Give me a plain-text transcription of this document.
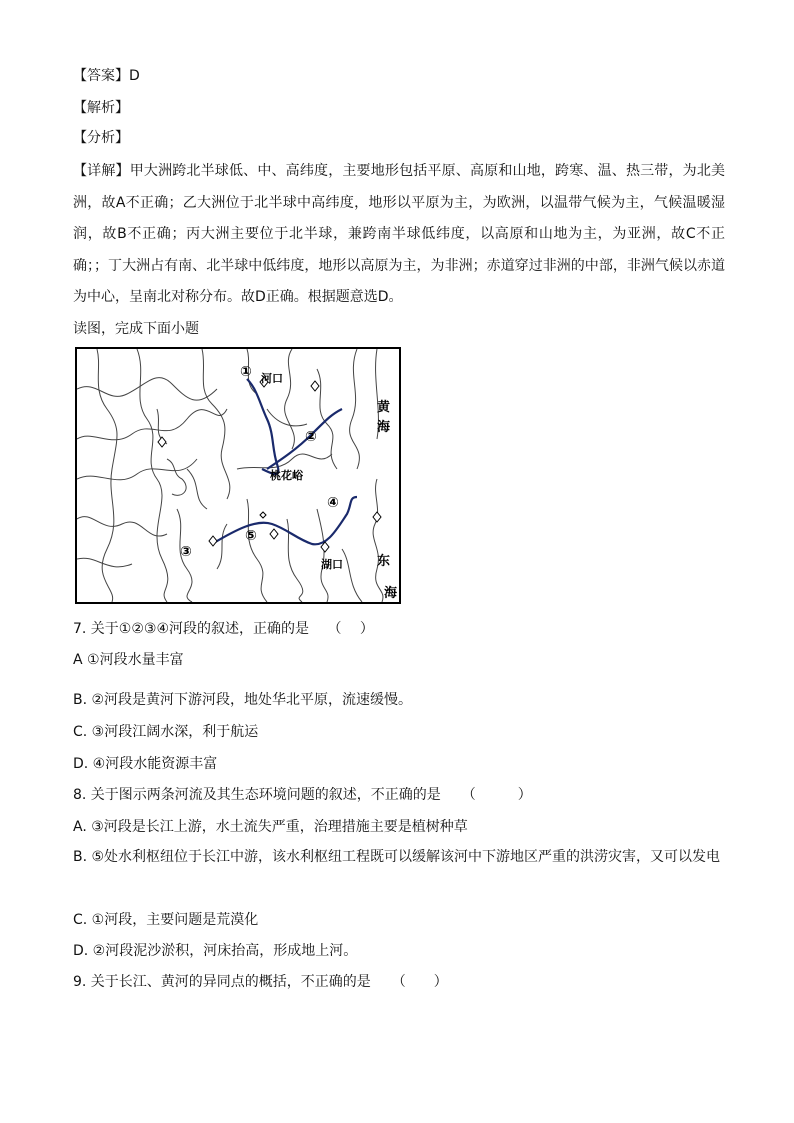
【答案】D
【解析】
【分析】
【详解】甲大洲跨北半球低、中、高纬度，主要地形包括平原、高原和山地，跨寒、温、热三带，为北美洲，故A不正确；乙大洲位于北半球中高纬度，地形以平原为主，为欧洲，以温带气候为主，气候温暖湿润，故B不正确；丙大洲主要位于北半球，兼跨南半球低纬度，以高原和山地为主，为亚洲，故C不正确；；丁大洲占有南、北半球中低纬度，地形以高原为主，为非洲；赤道穿过非洲的中部，非洲气候以赤道为中心，呈南北对称分布。故D正确。根据题意选D。
读图，完成下面小题
① 河口
黄
②
海
桃花峪
④
⑤
③
东
湖口
海
7. 关于①②③④河段的叙述，正确的是　 （　 ）
A ①河段水量丰富
B. ②河段是黄河下游河段，地处华北平原，流速缓慢。
C. ③河段江阔水深，利于航运
D. ④河段水能资源丰富
8. 关于图示两条河流及其生态环境问题的叙述，不正确的是　　（　　　）
A. ③河段是长江上游，水土流失严重，治理措施主要是植树种草
B. ⑤处水利枢纽位于长江中游，该水利枢纽工程既可以缓解该河中下游地区严重的洪涝灾害，又可以发电
C. ①河段，主要问题是荒漠化
D. ②河段泥沙淤积，河床抬高，形成地上河。
9. 关于长江、黄河的异同点的概括，不正确的是　　（　　）
